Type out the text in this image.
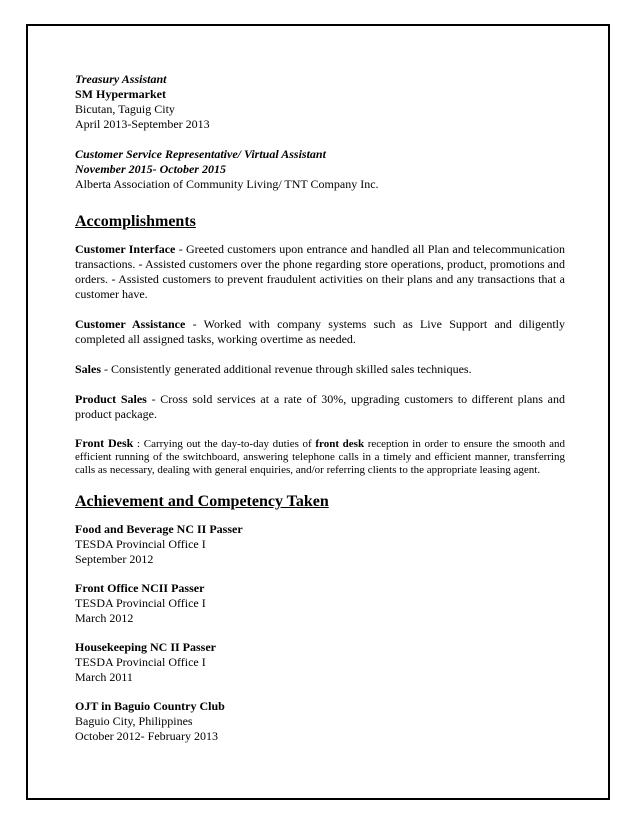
Treasury Assistant
SM Hypermarket
Bicutan, Taguig City
April 2013-September 2013
Customer Service Representative/ Virtual Assistant
November 2015- October 2015
Alberta Association of Community Living/ TNT Company Inc.
Accomplishments

Customer Interface - Greeted customers upon entrance and handled all Plan and telecommunication transactions. - Assisted customers over the phone regarding store operations, product, promotions and orders. - Assisted customers to prevent fraudulent activities on their plans and any transactions that a customer have.

Customer Assistance - Worked with company systems such as Live Support and diligently completed all assigned tasks, working overtime as needed.

Sales - Consistently generated additional revenue through skilled sales techniques.

Product Sales - Cross sold services at a rate of 30%, upgrading customers to different plans and product package.

Front Desk : Carrying out the day-to-day duties of front desk reception in order to ensure the smooth and efficient running of the switchboard, answering telephone calls in a timely and efficient manner, transferring calls as necessary, dealing with general enquiries, and/or referring clients to the appropriate leasing agent.

Achievement and Competency Taken
Food and Beverage NC II Passer
TESDA Provincial Office I
September 2012
Front Office NCII Passer
TESDA Provincial Office I
March 2012
Housekeeping NC II Passer
TESDA Provincial Office I
March 2011
OJT in Baguio Country Club
Baguio City, Philippines
October 2012- February 2013
